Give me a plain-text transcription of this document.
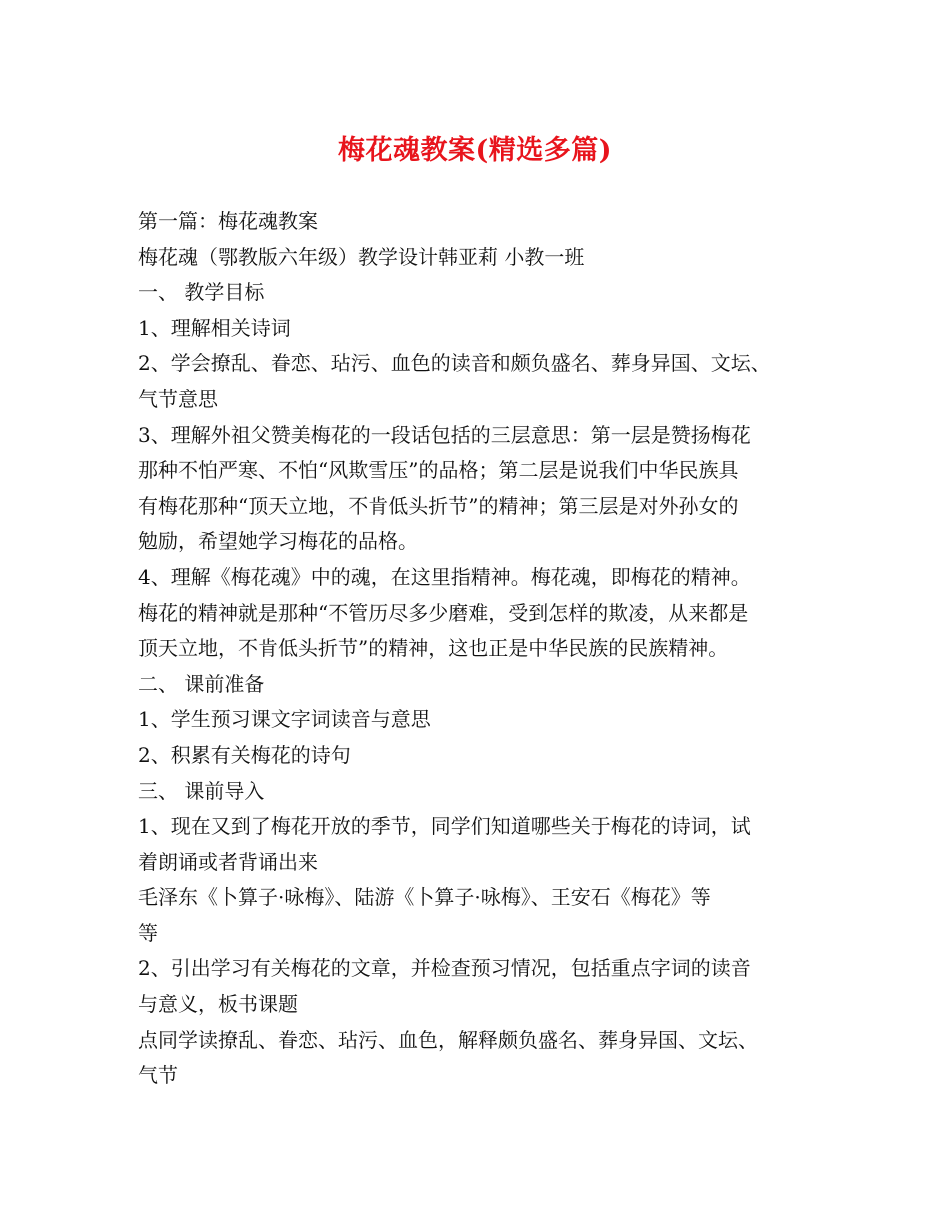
梅花魂教案(精选多篇)

第一篇：梅花魂教案

梅花魂（鄂教版六年级）教学设计韩亚莉 小教一班

一、 教学目标

1、理解相关诗词

2、学会撩乱、眷恋、玷污、血色的读音和颇负盛名、葬身异国、文坛、

气节意思

3、理解外祖父赞美梅花的一段话包括的三层意思：第一层是赞扬梅花

那种不怕严寒、不怕“风欺雪压”的品格；第二层是说我们中华民族具

有梅花那种“顶天立地，不肯低头折节”的精神；第三层是对外孙女的

勉励，希望她学习梅花的品格。

4、理解《梅花魂》中的魂，在这里指精神。梅花魂，即梅花的精神。

梅花的精神就是那种“不管历尽多少磨难，受到怎样的欺凌，从来都是

顶天立地，不肯低头折节”的精神，这也正是中华民族的民族精神。

二、 课前准备

1、学生预习课文字词读音与意思

2、积累有关梅花的诗句

三、 课前导入

1、现在又到了梅花开放的季节，同学们知道哪些关于梅花的诗词，试

着朗诵或者背诵出来

毛泽东《卜算子·咏梅》、陆游《卜算子·咏梅》、王安石《梅花》等

等

2、引出学习有关梅花的文章，并检查预习情况，包括重点字词的读音

与意义，板书课题

点同学读撩乱、眷恋、玷污、血色，解释颇负盛名、葬身异国、文坛、

气节
